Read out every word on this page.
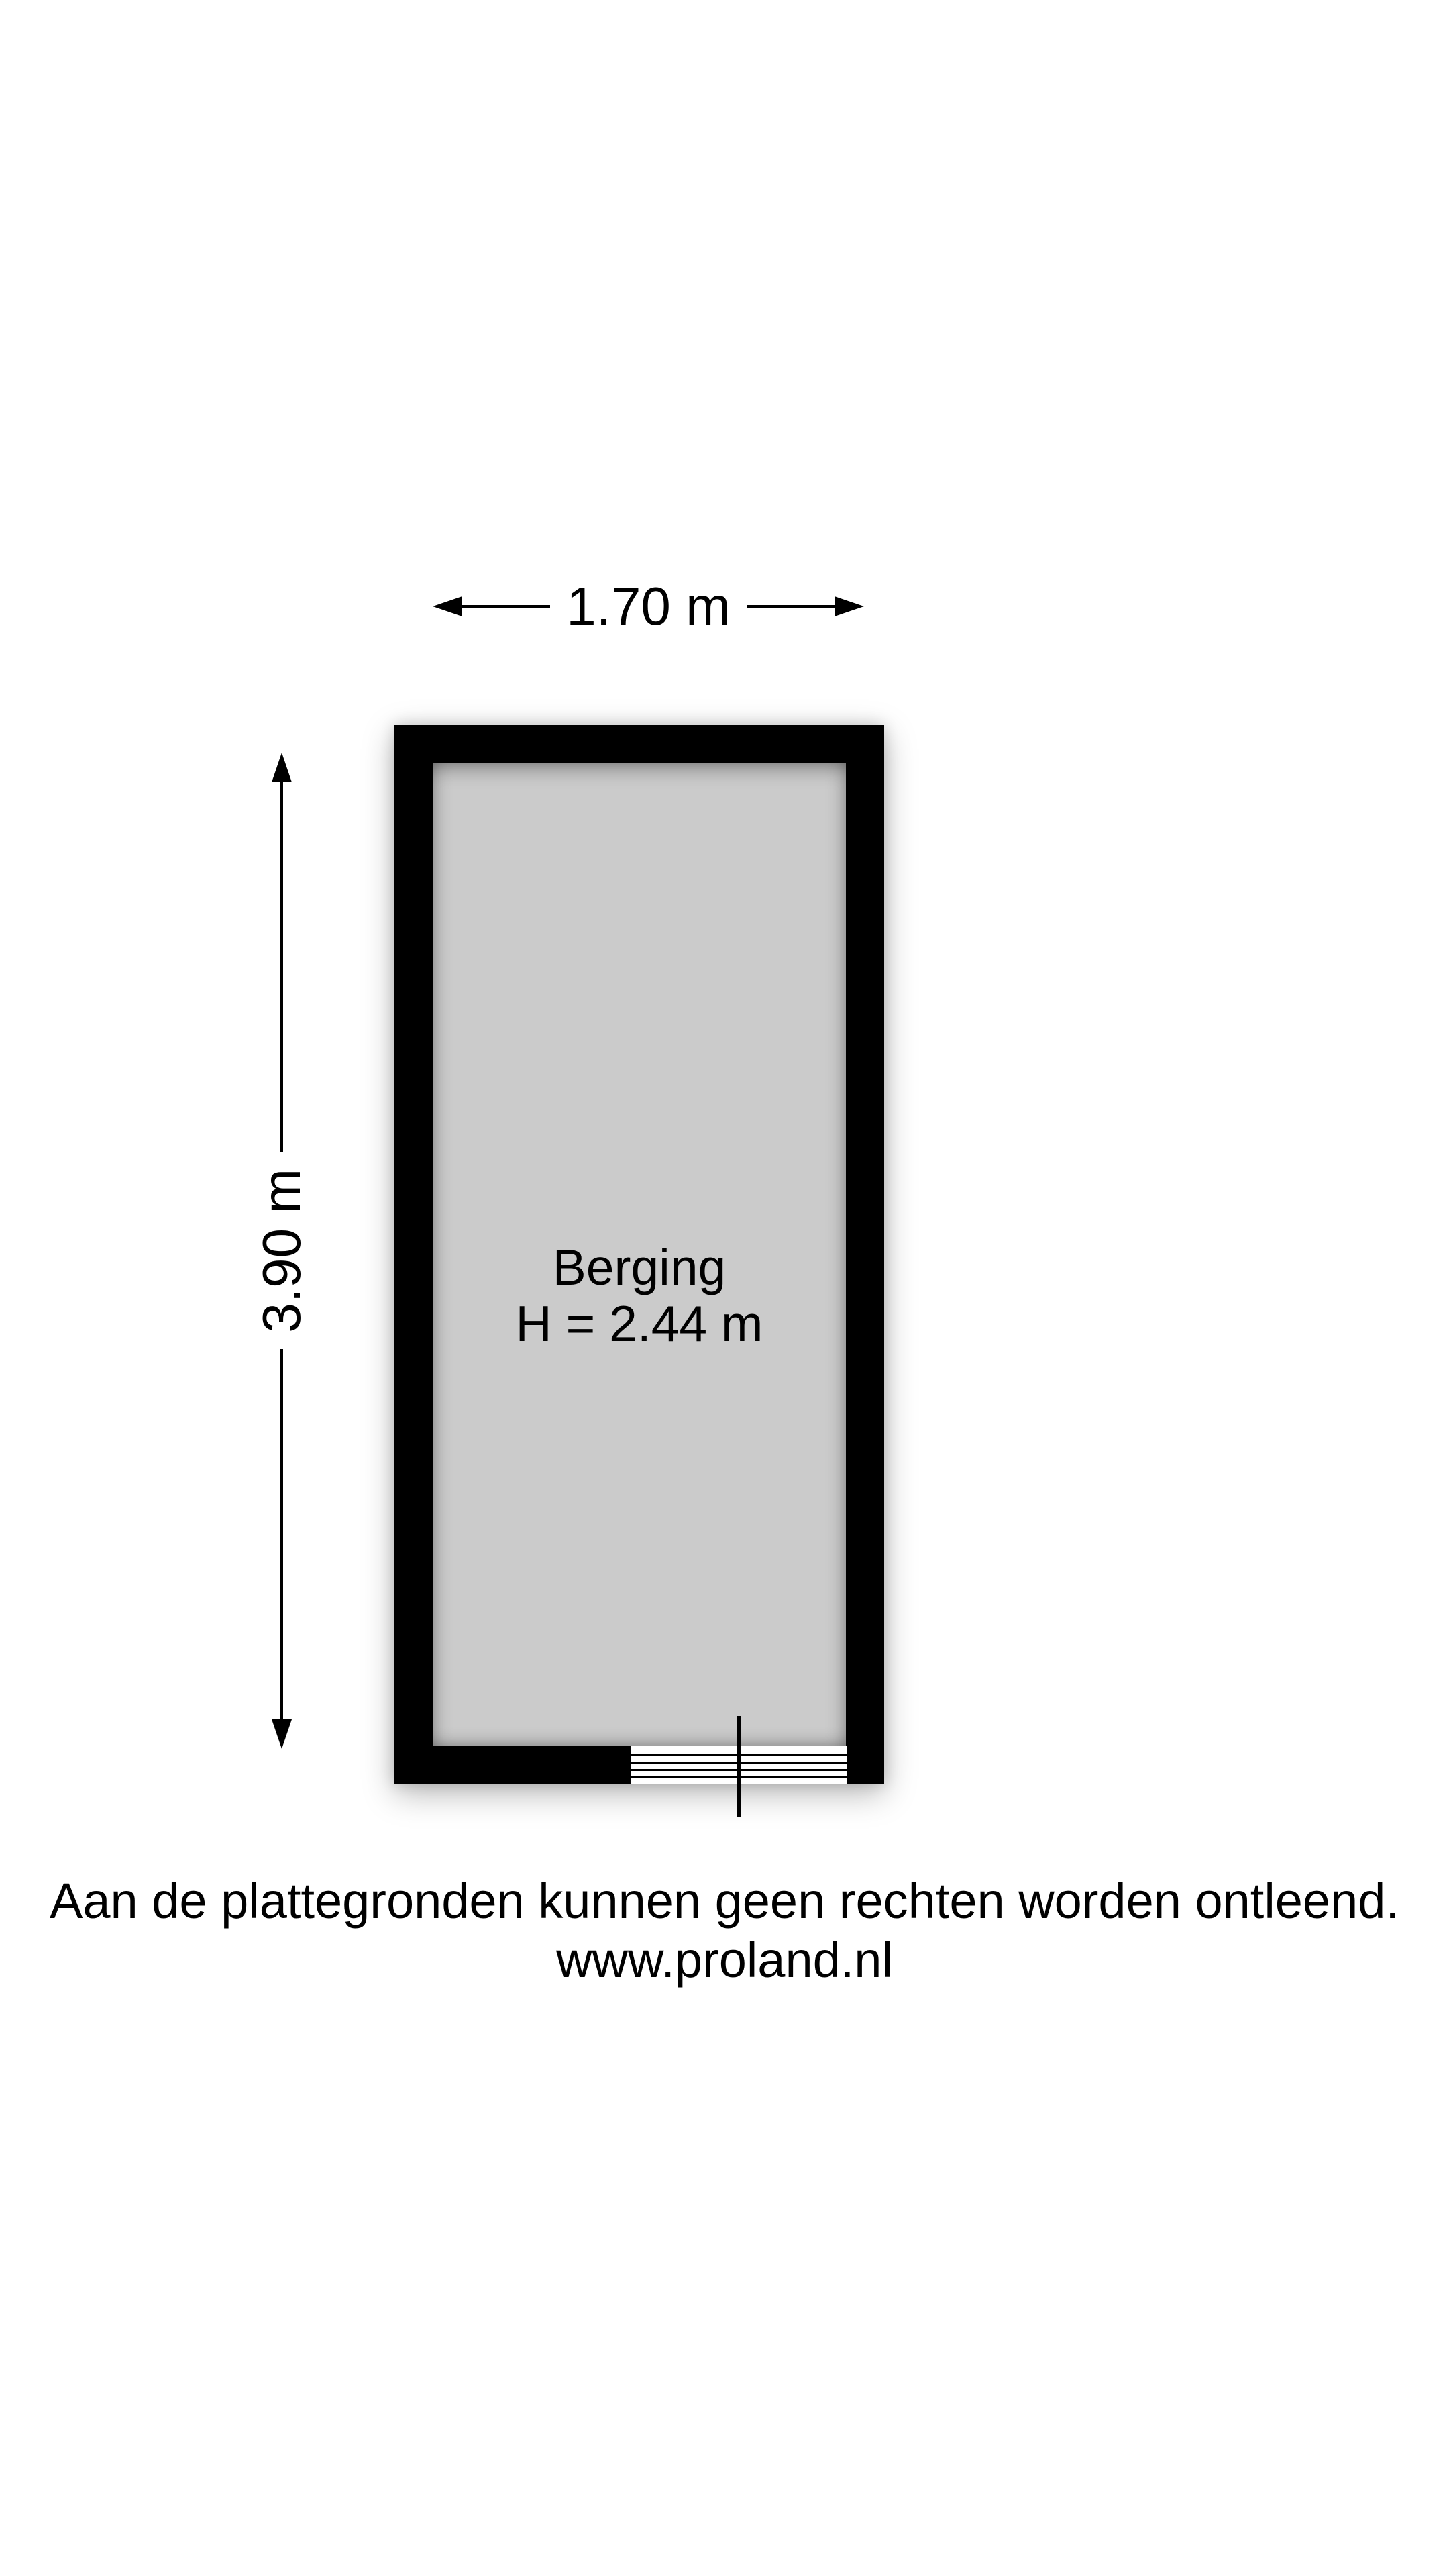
1.70 m
3.90 m	Berging
H = 2.44 m
Aan de plattegronden kunnen geen rechten worden ontleend.
www.proland.nl
